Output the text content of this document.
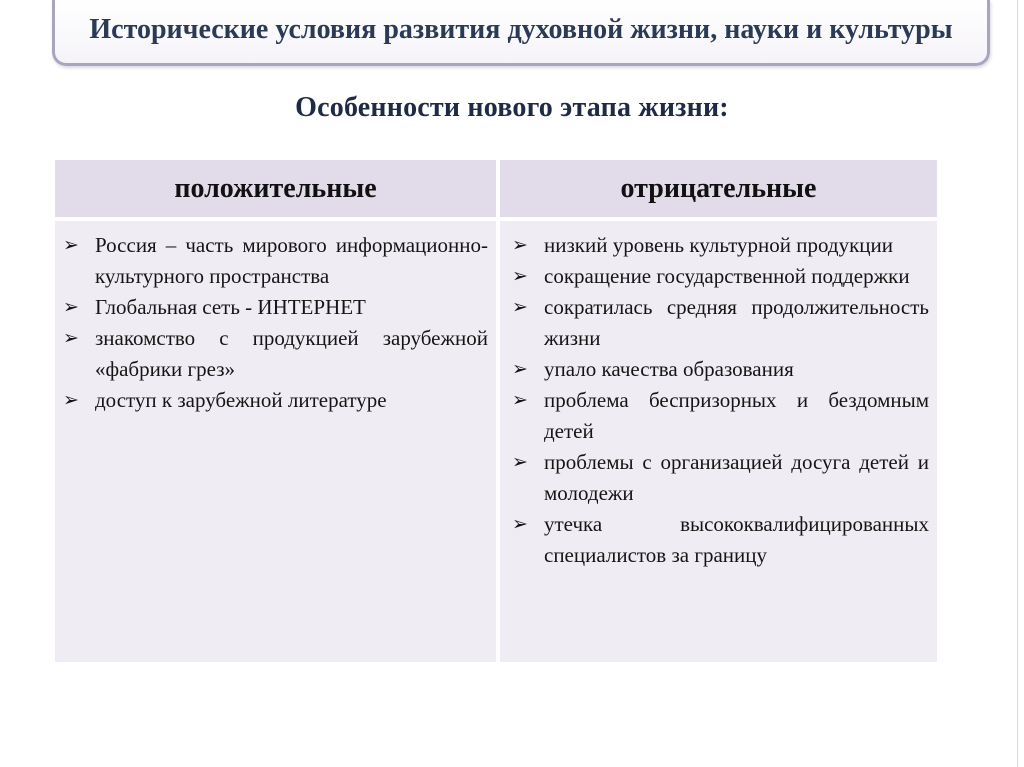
Исторические условия развития духовной жизни, науки и культуры
Особенности нового этапа жизни:
положительные	отрицательные
➢ Россия – часть мирового информационно-культурного пространства
➢ Глобальная сеть - ИНТЕРНЕТ
➢ знакомство с продукцией зарубежной «фабрики грез»
➢ доступ к зарубежной литературе
➢ низкий уровень культурной продукции
➢ сокращение государственной поддержки
➢ сократилась средняя продолжительность жизни
➢ упало качества образования
➢ проблема беспризорных и бездомным детей
➢ проблемы с организацией досуга детей и молодежи
➢ утечка высококвалифицированных специалистов за границу
